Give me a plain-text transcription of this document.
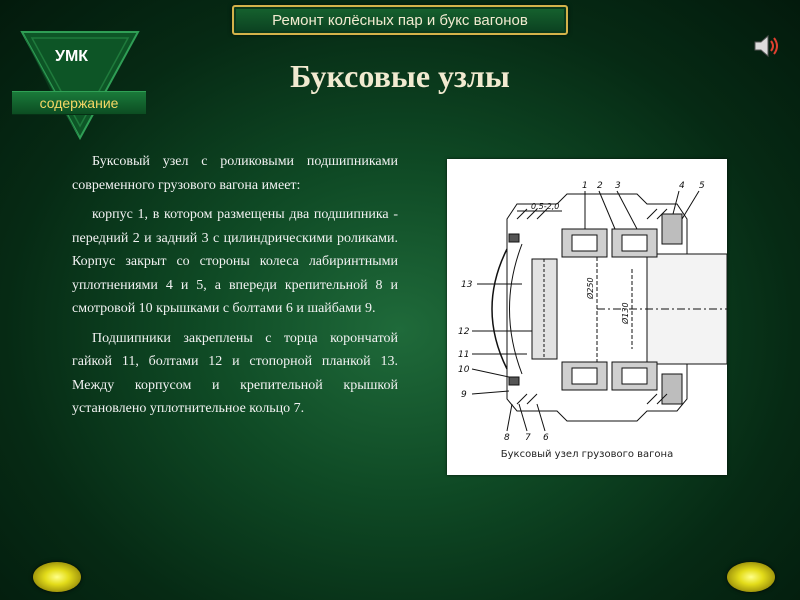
Ремонт колёсных пар и букс вагонов
УМК
содержание
Буксовые узлы

Буксовый узел с роликовыми подшипниками современного грузового вагона имеет:

корпус 1, в котором размещены два подшипника - передний 2 и задний 3 с цилиндрическими роликами. Корпус закрыт со стороны колеса лабиринтными уплотнениями 4 и 5, а впереди крепительной 8 и смотровой 10 крышками с болтами 6 и шайбами 9.

Подшипники закреплены с торца корончатой гайкой 11, болтами 12 и стопорной планкой 13. Между корпусом и крепительной крышкой установлено уплотнительное кольцо 7.

1 2 3	4 5
6
7
8
9
10
11
12
13
0,5-2,0
Ø250
Ø130
Буксовый узел грузового вагона
